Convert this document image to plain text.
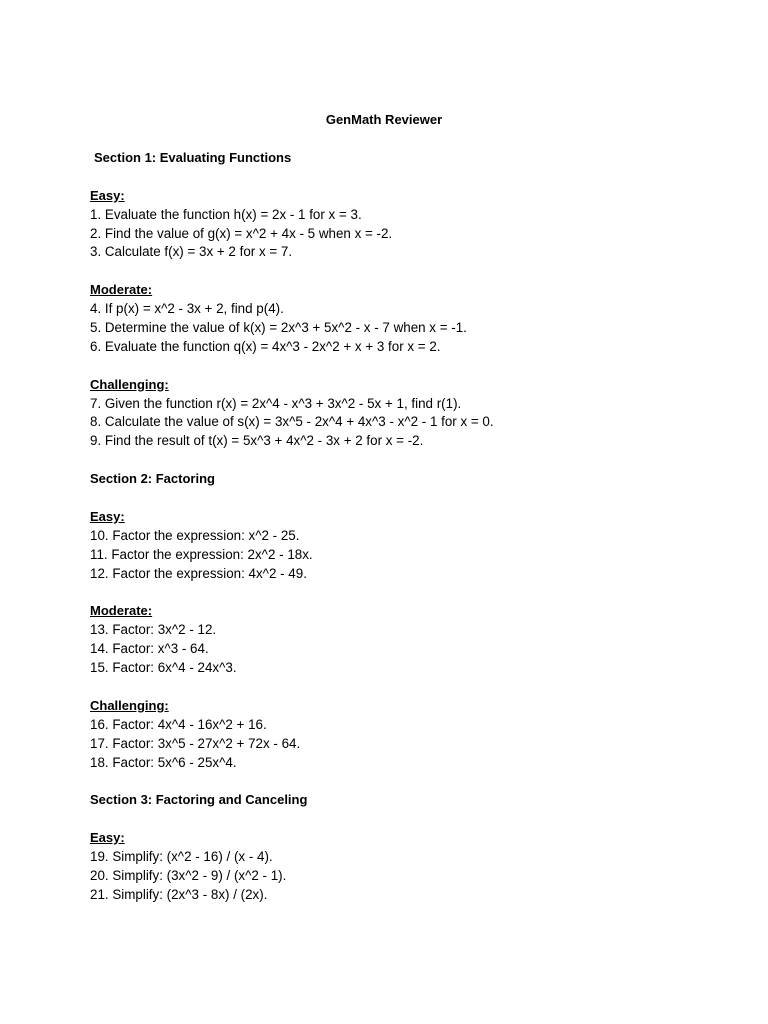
GenMath Reviewer
Section 1: Evaluating Functions
Easy:
1. Evaluate the function h(x) = 2x - 1 for x = 3.
2. Find the value of g(x) = x^2 + 4x - 5 when x = -2.
3. Calculate f(x) = 3x + 2 for x = 7.
Moderate:
4. If p(x) = x^2 - 3x + 2, find p(4).
5. Determine the value of k(x) = 2x^3 + 5x^2 - x - 7 when x = -1.
6. Evaluate the function q(x) = 4x^3 - 2x^2 + x + 3 for x = 2.
Challenging:
7. Given the function r(x) = 2x^4 - x^3 + 3x^2 - 5x + 1, find r(1).
8. Calculate the value of s(x) = 3x^5 - 2x^4 + 4x^3 - x^2 - 1 for x = 0.
9. Find the result of t(x) = 5x^3 + 4x^2 - 3x + 2 for x = -2.
Section 2: Factoring
Easy:
10. Factor the expression: x^2 - 25.
11. Factor the expression: 2x^2 - 18x.
12. Factor the expression: 4x^2 - 49.
Moderate:
13. Factor: 3x^2 - 12.
14. Factor: x^3 - 64.
15. Factor: 6x^4 - 24x^3.
Challenging:
16. Factor: 4x^4 - 16x^2 + 16.
17. Factor: 3x^5 - 27x^2 + 72x - 64.
18. Factor: 5x^6 - 25x^4.
Section 3: Factoring and Canceling
Easy:
19. Simplify: (x^2 - 16) / (x - 4).
20. Simplify: (3x^2 - 9) / (x^2 - 1).
21. Simplify: (2x^3 - 8x) / (2x).
